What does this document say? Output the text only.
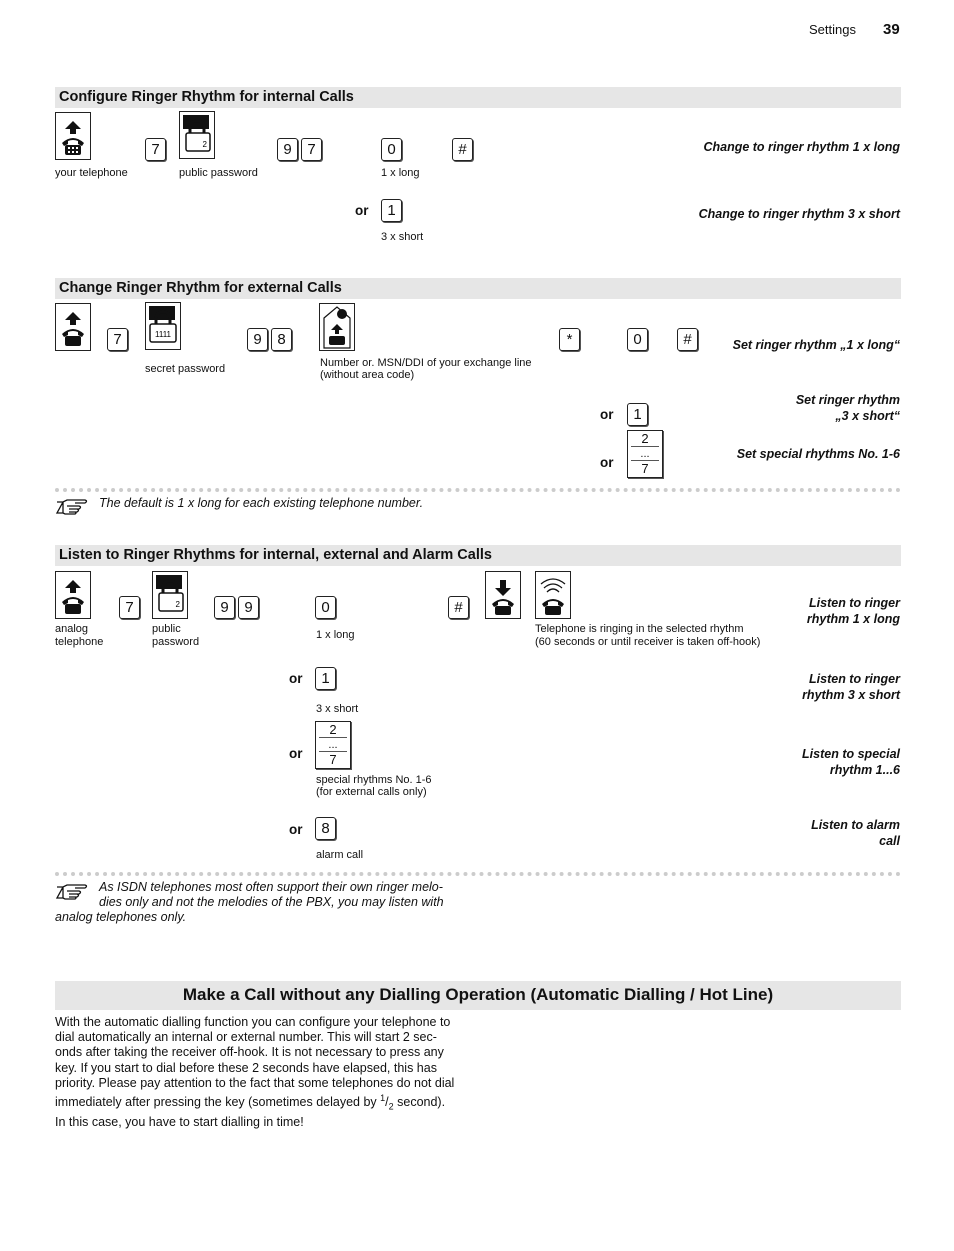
Settings 39
Configure Ringer Rhythm for internal Calls
7	2	9	7	0	#
your telephone	public password	1 x long
Change to ringer rhythm 1 x long
or	1
3 x short
Change to ringer rhythm 3 x short
Change Ringer Rhythm for external Calls
7	1111	9	8	*	0	#
secret password	Number or. MSN/DDI of your exchange line
(without area code)
Set ringer rhythm „1 x long“
or	1
Set ringer rhythm
„3 x short“
or
2
...
7
Set special rhythms No. 1-6
The default is 1 x long for each existing telephone number.
Listen to Ringer Rhythms for internal, external and Alarm Calls
7	2	9	9	0	#
analog
telephone
public
password
1 x long	Telephone is ringing in the selected rhythm
(60 seconds or until receiver is taken off-hook)
Listen to ringer
rhythm 1 x long
or	1
3 x short
Listen to ringer
rhythm 3 x short
or
2
...
7
special rhythms No. 1-6
(for external calls only)
Listen to special
rhythm 1...6
or	8
alarm call
Listen to alarm
call
As ISDN telephones most often support their own ringer melo-
dies only and not the melodies of the PBX, you may listen with
analog telephones only.
Make a Call without any Dialling Operation (Automatic Dialling / Hot Line)
With the automatic dialling function you can configure your telephone to
dial automatically an internal or external number. This will start 2 sec-
onds after taking the receiver off-hook. It is not necessary to press any
key. If you start to dial before these 2 seconds have elapsed, this has
priority. Please pay attention to the fact that some telephones do not dial
immediately after pressing the key (sometimes delayed by $^1/_2$ second).
In this case, you have to start dialling in time!
